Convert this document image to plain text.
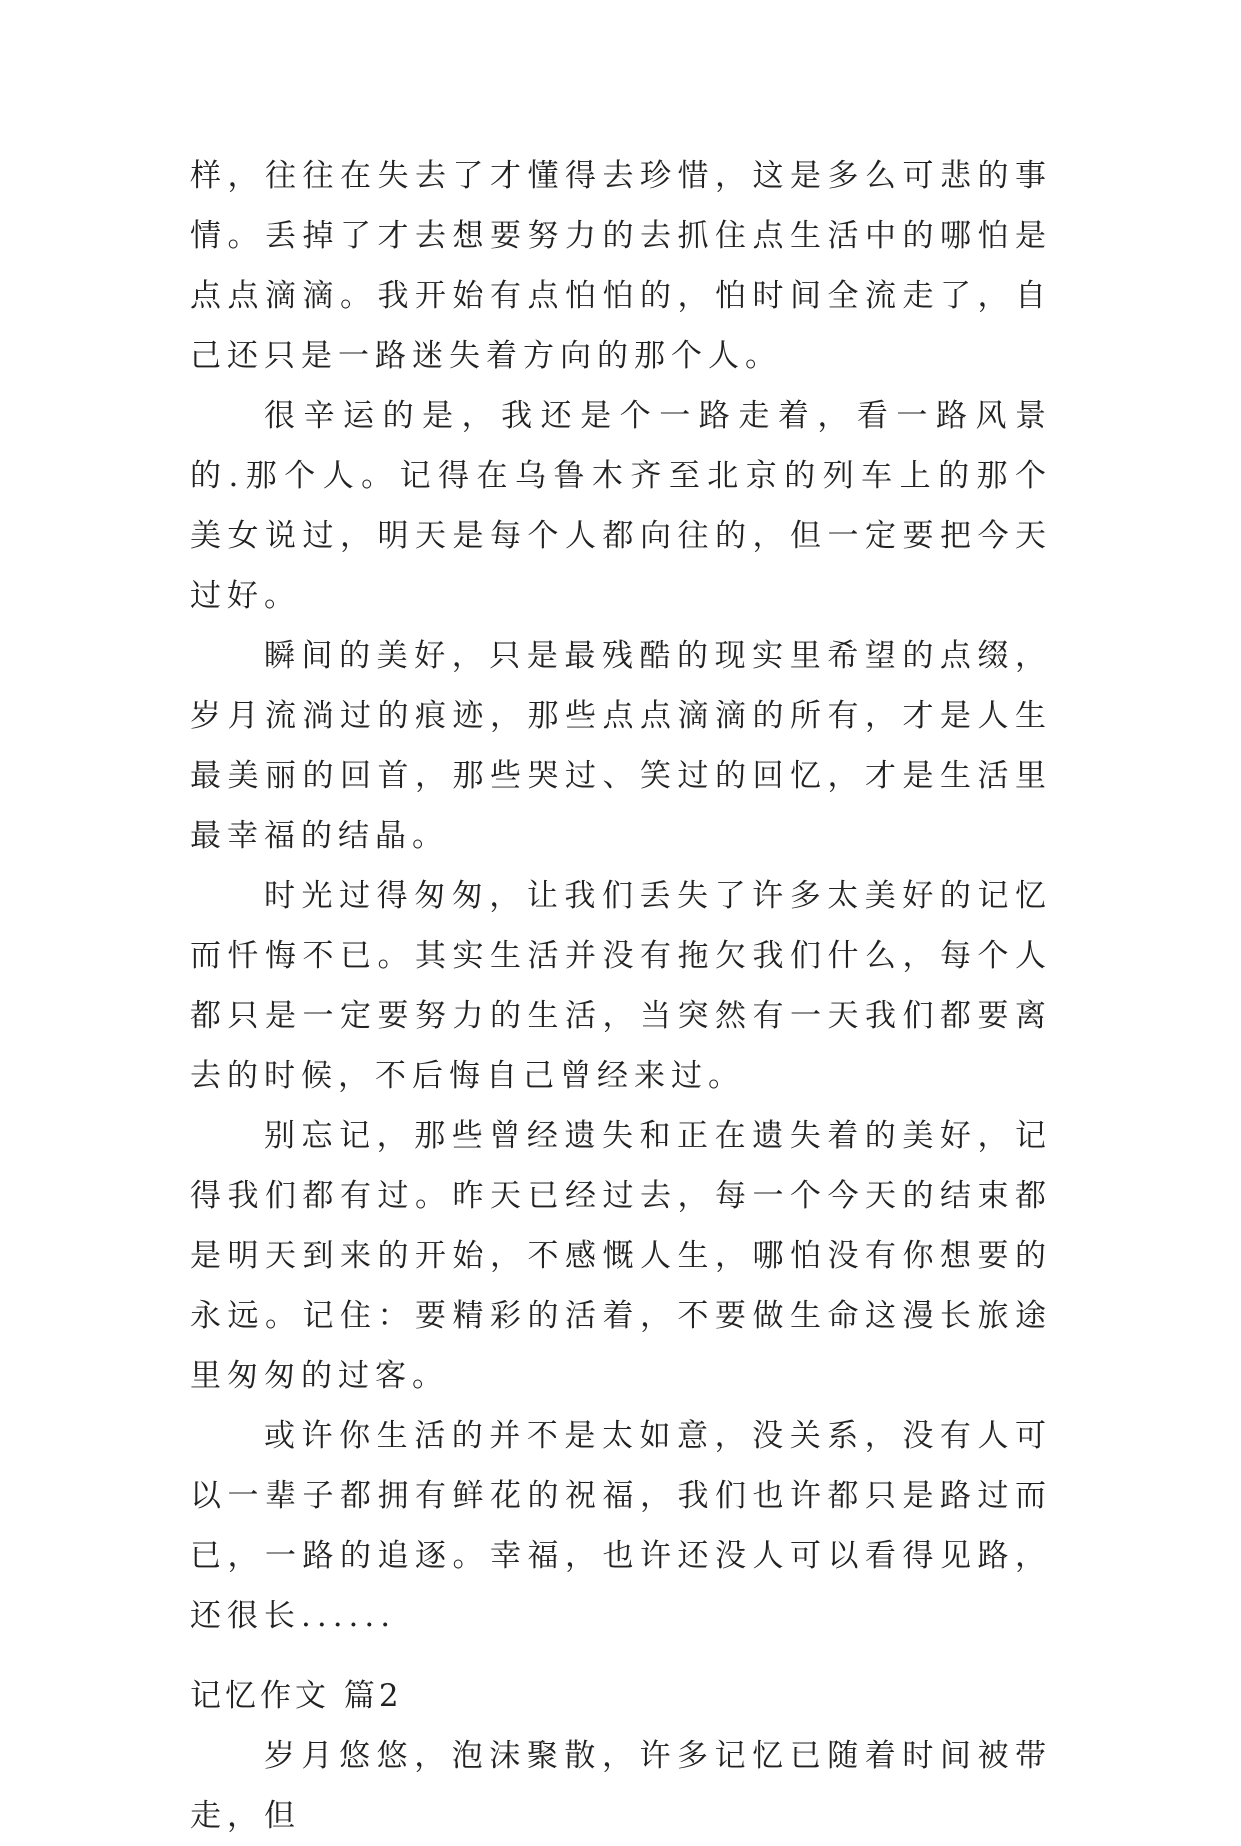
样，往往在失去了才懂得去珍惜，这是多么可悲的事情。丢掉了才去想要努力的去抓住点生活中的哪怕是点点滴滴。我开始有点怕怕的，怕时间全流走了，自己还只是一路迷失着方向的那个人。

很辛运的是，我还是个一路走着，看一路风景的.那个人。记得在乌鲁木齐至北京的列车上的那个美女说过，明天是每个人都向往的，但一定要把今天过好。

瞬间的美好，只是最残酷的现实里希望的点缀，岁月流淌过的痕迹，那些点点滴滴的所有，才是人生最美丽的回首，那些哭过、笑过的回忆，才是生活里最幸福的结晶。

时光过得匆匆，让我们丢失了许多太美好的记忆而忏悔不已。其实生活并没有拖欠我们什么，每个人都只是一定要努力的生活，当突然有一天我们都要离去的时候，不后悔自己曾经来过。

别忘记，那些曾经遗失和正在遗失着的美好，记得我们都有过。昨天已经过去，每一个今天的结束都是明天到来的开始，不感慨人生，哪怕没有你想要的永远。记住：要精彩的活着，不要做生命这漫长旅途里匆匆的过客。

或许你生活的并不是太如意，没关系，没有人可以一辈子都拥有鲜花的祝福，我们也许都只是路过而已，一路的追逐。幸福，也许还没人可以看得见路，还很长......

记忆作文 篇2

岁月悠悠，泡沫聚散，许多记忆已随着时间被带走，但
